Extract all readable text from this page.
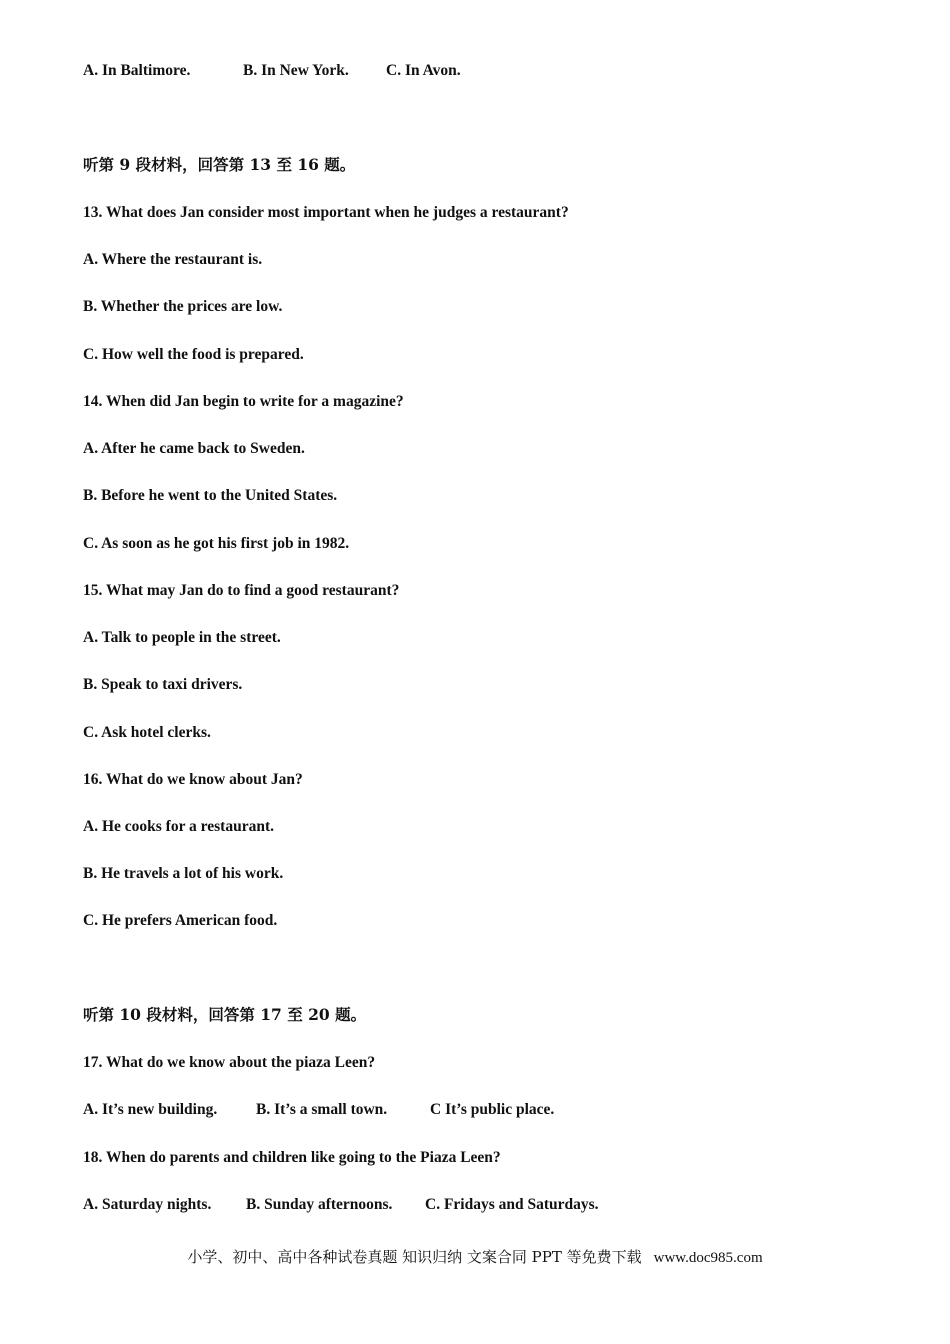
A. In Baltimore.	B. In New York. C. In Avon.
听第 9 段材料，回答第 13 至 16 题。
13. What does Jan consider most important when he judges a restaurant?
A. Where the restaurant is.
B. Whether the prices are low.
C. How well the food is prepared.
14. When did Jan begin to write for a magazine?
A. After he came back to Sweden.
B. Before he went to the United States.
C. As soon as he got his first job in 1982.
15. What may Jan do to find a good restaurant?
A. Talk to people in the street.
B. Speak to taxi drivers.
C. Ask hotel clerks.
16. What do we know about Jan?
A. He cooks for a restaurant.
B. He travels a lot of his work.
C. He prefers American food.
听第 10 段材料，回答第 17 至 20 题。
17. What do we know about the piaza Leen?
A. It’s new building.	B. It’s a small town.	C It’s public place.
18. When do parents and children like going to the Piaza Leen?
A. Saturday nights. B. Sunday afternoons. C. Fridays and Saturdays.
小学、初中、高中各种试卷真题 知识归纳 文案合同 PPT 等免费下载 www.doc985.com
